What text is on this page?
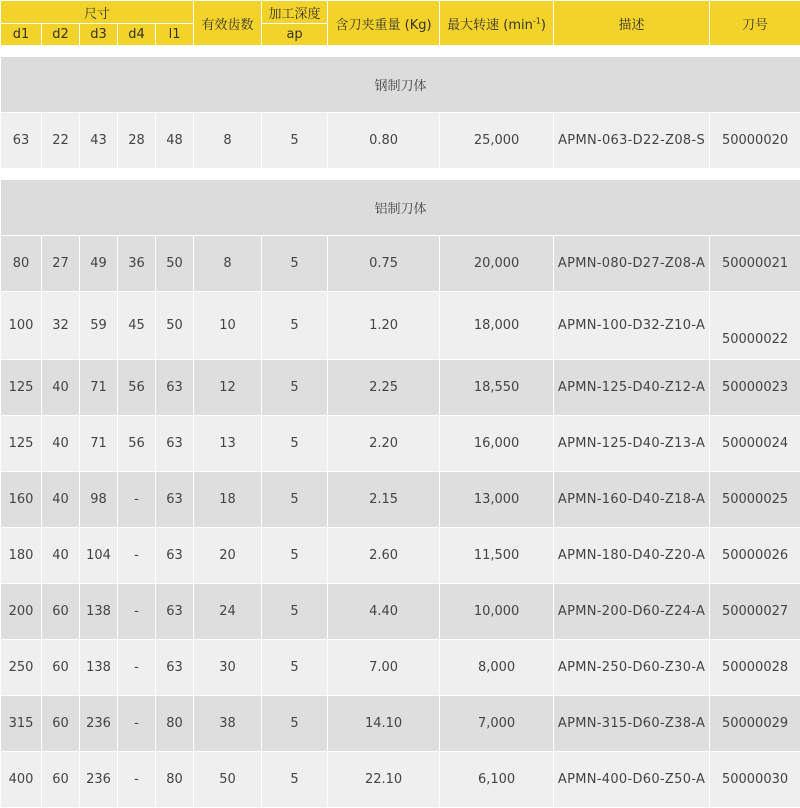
尺寸					有效齿数	加工深度	含刀夹重量 (Kg)	最大转速 $(\min^{-1})$	描述	刀号
d1	d2	d3	d4	l1		ap				

钢制刀体										
63	22	43	28	48	8	5	0.80	25,000	APMN-063-D22-Z08-S	50000020

铝制刀体										
80	27	49	36	50	8	5	0.75	20,000	APMN-080-D27-Z08-A	50000021
100	32	59	45	50	10	5	1.20	18,000	APMN-100-D32-Z10-A	50000022
125	40	71	56	63	12	5	2.25	18,550	APMN-125-D40-Z12-A	50000023
125	40	71	56	63	13	5	2.20	16,000	APMN-125-D40-Z13-A	50000024
160	40	98	-	63	18	5	2.15	13,000	APMN-160-D40-Z18-A	50000025
180	40	104	-	63	20	5	2.60	11,500	APMN-180-D40-Z20-A	50000026
200	60	138	-	63	24	5	4.40	10,000	APMN-200-D60-Z24-A	50000027
250	60	138	-	63	30	5	7.00	8,000	APMN-250-D60-Z30-A	50000028
315	60	236	-	80	38	5	14.10	7,000	APMN-315-D60-Z38-A	50000029
400	60	236	-	80	50	5	22.10	6,100	APMN-400-D60-Z50-A	50000030
